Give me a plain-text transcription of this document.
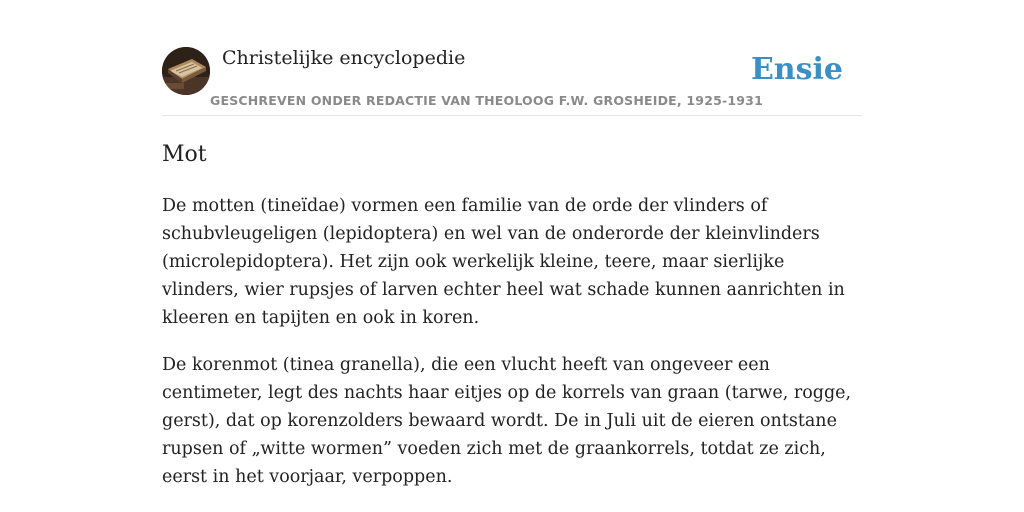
Christelijke encyclopedie
GESCHREVEN ONDER REDACTIE VAN THEOLOOG F.W. GROSHEIDE, 1925-1931
Ensie
Mot

De motten (tineïdae) vormen een familie van de orde der vlinders of schubvleugeligen (lepidoptera) en wel van de onderorde der kleinvlinders (microlepidoptera). Het zijn ook werkelijk kleine, teere, maar sierlijke vlinders, wier rupsjes of larven echter heel wat schade kunnen aanrichten in kleeren en tapijten en ook in koren.

De korenmot (tinea granella), die een vlucht heeft van ongeveer een centimeter, legt des nachts haar eitjes op de korrels van graan (tarwe, rogge, gerst), dat op korenzolders bewaard wordt. De in Juli uit de eieren ontstane rupsen of „witte wormen” voeden zich met de graankorrels, totdat ze zich, eerst in het voorjaar, verpoppen.
